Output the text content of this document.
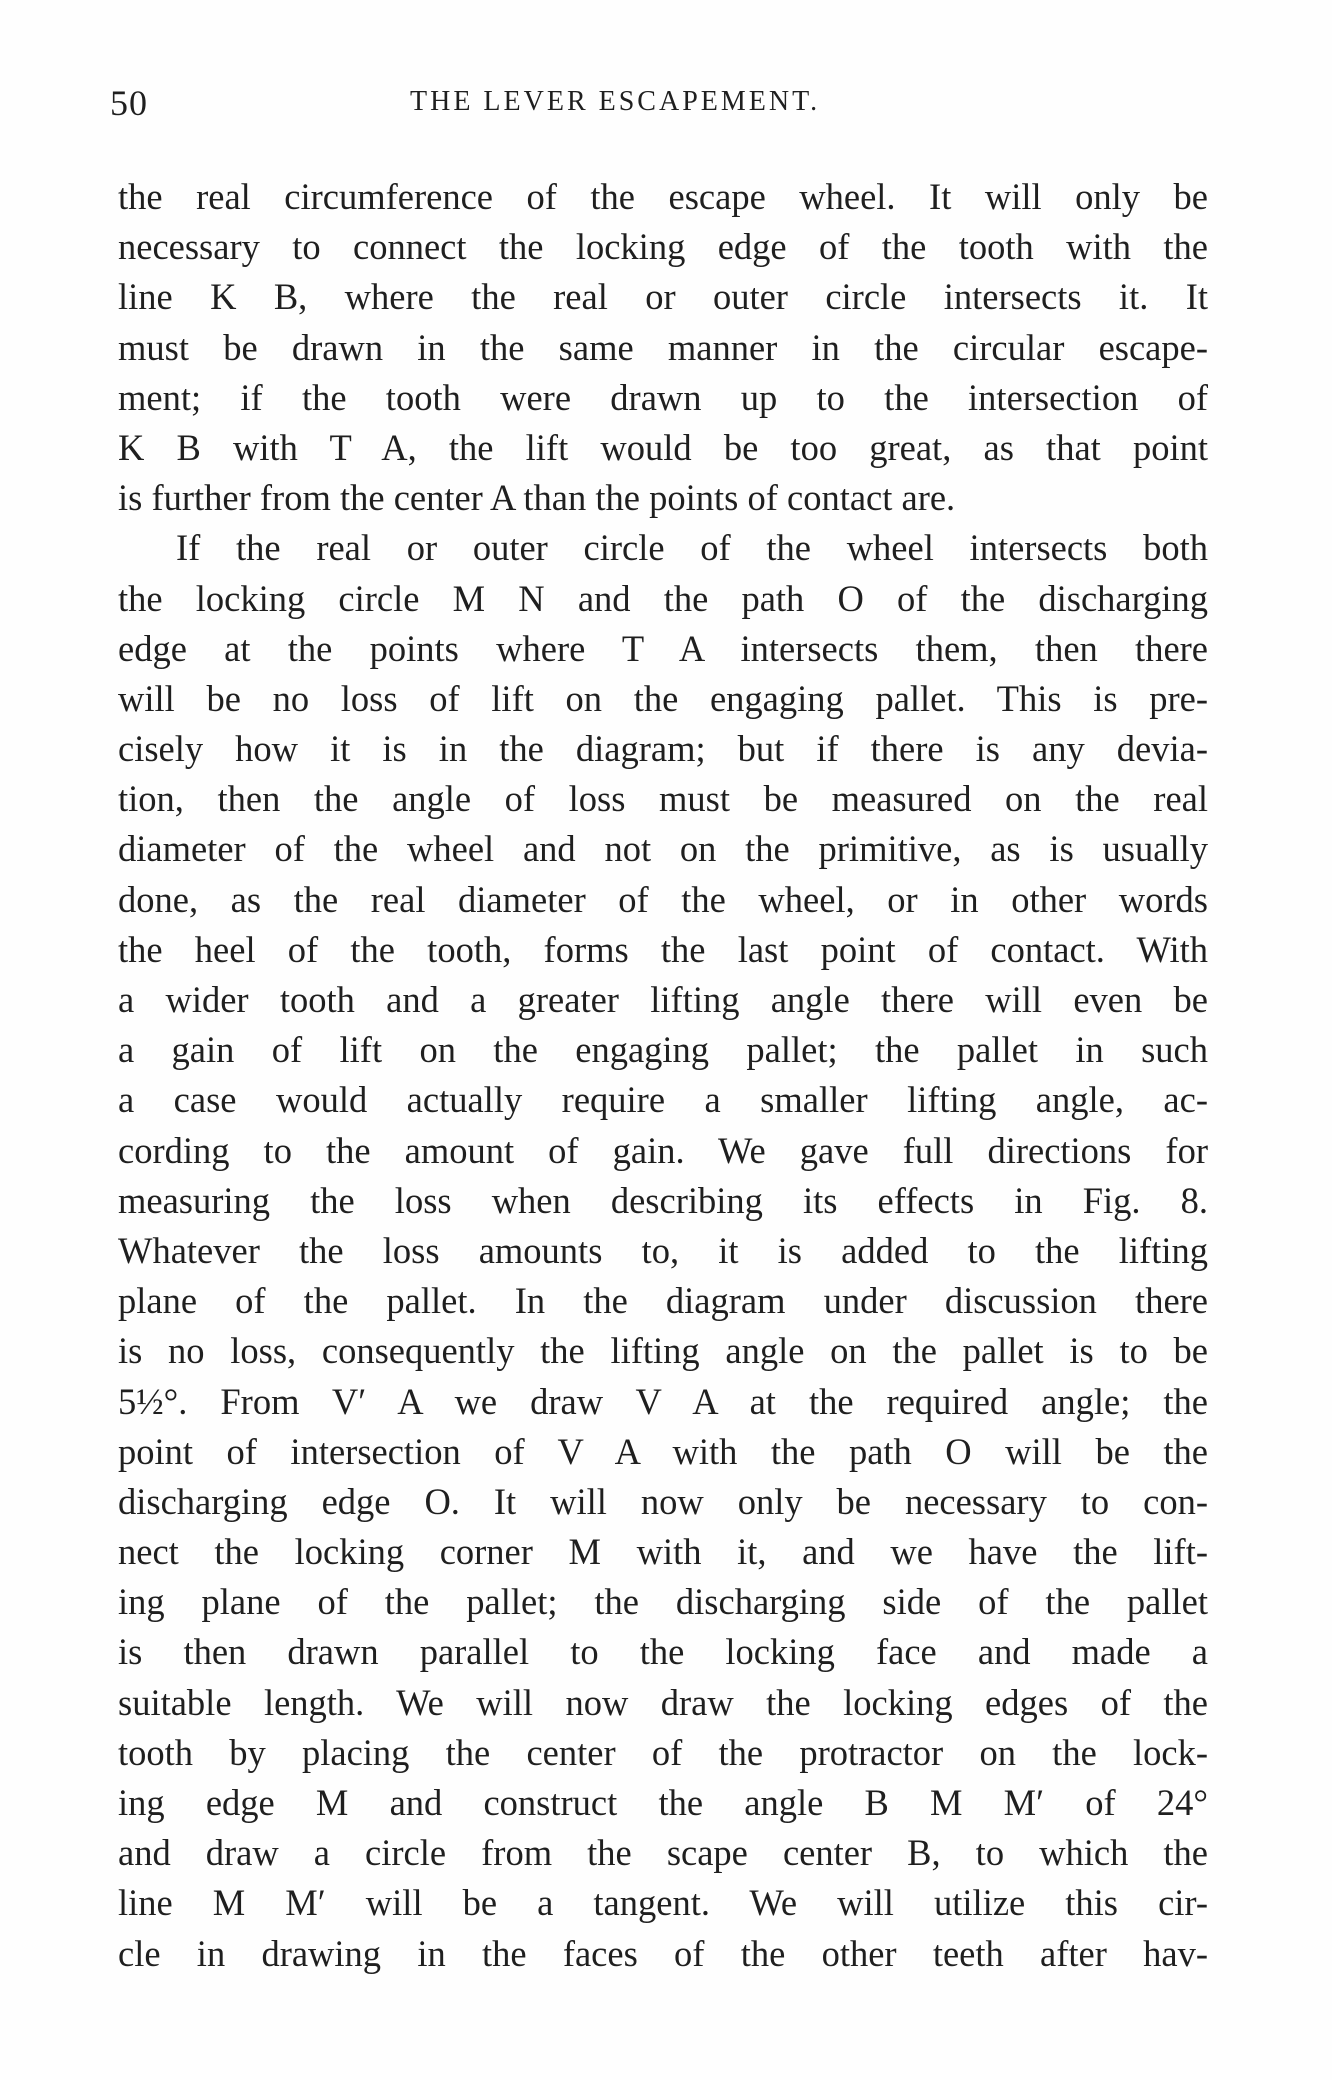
50	THE LEVER ESCAPEMENT.
the real circumference of the escape wheel. It will only be
necessary to connect the locking edge of the tooth with the
line K B, where the real or outer circle intersects it. It
must be drawn in the same manner in the circular escape-
ment; if the tooth were drawn up to the intersection of
K B with T A, the lift would be too great, as that point
is further from the center A than the points of contact are.
If the real or outer circle of the wheel intersects both
the locking circle M N and the path O of the discharging
edge at the points where T A intersects them, then there
will be no loss of lift on the engaging pallet. This is pre-
cisely how it is in the diagram; but if there is any devia-
tion, then the angle of loss must be measured on the real
diameter of the wheel and not on the primitive, as is usually
done, as the real diameter of the wheel, or in other words
the heel of the tooth, forms the last point of contact. With
a wider tooth and a greater lifting angle there will even be
a gain of lift on the engaging pallet; the pallet in such
a case would actually require a smaller lifting angle, ac-
cording to the amount of gain. We gave full directions for
measuring the loss when describing its effects in Fig. 8.
Whatever the loss amounts to, it is added to the lifting
plane of the pallet. In the diagram under discussion there
is no loss, consequently the lifting angle on the pallet is to be
5½°. From V′ A we draw V A at the required angle; the
point of intersection of V A with the path O will be the
discharging edge O. It will now only be necessary to con-
nect the locking corner M with it, and we have the lift-
ing plane of the pallet; the discharging side of the pallet
is then drawn parallel to the locking face and made a
suitable length. We will now draw the locking edges of the
tooth by placing the center of the protractor on the lock-
ing edge M and construct the angle B M M′ of 24°
and draw a circle from the scape center B, to which the
line M M′ will be a tangent. We will utilize this cir-
cle in drawing in the faces of the other teeth after hav-
